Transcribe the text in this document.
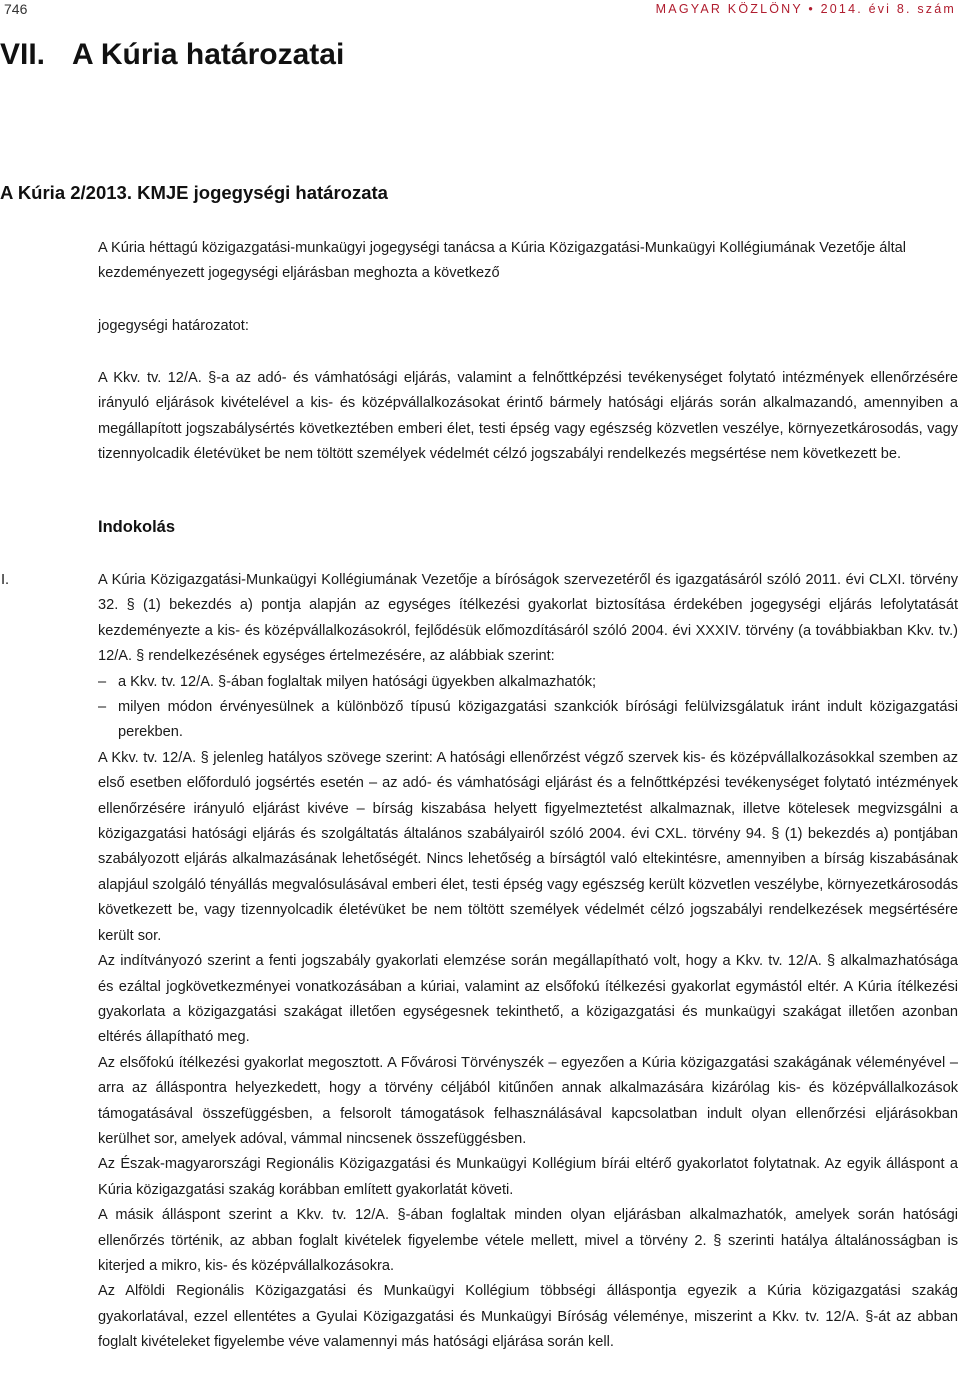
746	MAGYAR KÖZLÖNY • 2014. évi 8. szám
VII. A Kúria határozatai
A Kúria 2/2013. KMJE jogegységi határozata

A Kúria héttagú közigazgatási-munkaügyi jogegységi tanácsa a Kúria Közigazgatási-Munkaügyi Kollégiumának Vezetője által kezdeményezett jogegységi eljárásban meghozta a következő

jogegységi határozatot:

A Kkv. tv. 12/A. §-a az adó- és vámhatósági eljárás, valamint a felnőttképzési tevékenységet folytató intézmények ellenőrzésére irányuló eljárások kivételével a kis- és középvállalkozásokat érintő bármely hatósági eljárás során alkalmazandó, amennyiben a megállapított jogszabálysértés következtében emberi élet, testi épség vagy egészség közvetlen veszélye, környezetkárosodás, vagy tizennyolcadik életévüket be nem töltött személyek védelmét célzó jogszabályi rendelkezés megsértése nem következett be.

Indokolás
I.	A Kúria Közigazgatási-Munkaügyi Kollégiumának Vezetője a bíróságok szervezetéről és igazgatásáról szóló 2011. évi CLXI. törvény 32. § (1) bekezdés a) pontja alapján az egységes ítélkezési gyakorlat biztosítása érdekében jogegységi eljárás lefolytatását kezdeményezte a kis- és középvállalkozásokról, fejlődésük előmozdításáról szóló 2004. évi XXXIV. törvény (a továbbiakban Kkv. tv.) 12/A. § rendelkezésének egységes értelmezésére, az alábbiak szerint:

– a Kkv. tv. 12/A. §-ában foglaltak milyen hatósági ügyekben alkalmazhatók;
– milyen módon érvényesülnek a különböző típusú közigazgatási szankciók bírósági felülvizsgálatuk iránt indult közigazgatási perekben.

A Kkv. tv. 12/A. § jelenleg hatályos szövege szerint: A hatósági ellenőrzést végző szervek kis- és középvállalkozásokkal szemben az első esetben előforduló jogsértés esetén – az adó- és vámhatósági eljárást és a felnőttképzési tevékenységet folytató intézmények ellenőrzésére irányuló eljárást kivéve – bírság kiszabása helyett figyelmeztetést alkalmaznak, illetve kötelesek megvizsgálni a közigazgatási hatósági eljárás és szolgáltatás általános szabályairól szóló 2004. évi CXL. törvény 94. § (1) bekezdés a) pontjában szabályozott eljárás alkalmazásának lehetőségét. Nincs lehetőség a bírságtól való eltekintésre, amennyiben a bírság kiszabásának alapjául szolgáló tényállás megvalósulásával emberi élet, testi épség vagy egészség került közvetlen veszélybe, környezetkárosodás következett be, vagy tizennyolcadik életévüket be nem töltött személyek védelmét célzó jogszabályi rendelkezések megsértésére került sor.

Az indítványozó szerint a fenti jogszabály gyakorlati elemzése során megállapítható volt, hogy a Kkv. tv. 12/A. § alkalmazhatósága és ezáltal jogkövetkezményei vonatkozásában a kúriai, valamint az elsőfokú ítélkezési gyakorlat egymástól eltér. A Kúria ítélkezési gyakorlata a közigazgatási szakágat illetően egységesnek tekinthető, a közigazgatási és munkaügyi szakágat illetően azonban eltérés állapítható meg.

Az elsőfokú ítélkezési gyakorlat megosztott. A Fővárosi Törvényszék – egyezően a Kúria közigazgatási szakágának véleményével – arra az álláspontra helyezkedett, hogy a törvény céljából kitűnően annak alkalmazására kizárólag kis- és középvállalkozások támogatásával összefüggésben, a felsorolt támogatások felhasználásával kapcsolatban indult olyan ellenőrzési eljárásokban kerülhet sor, amelyek adóval, vámmal nincsenek összefüggésben.

Az Észak-magyarországi Regionális Közigazgatási és Munkaügyi Kollégium bírái eltérő gyakorlatot folytatnak. Az egyik álláspont a Kúria közigazgatási szakág korábban említett gyakorlatát követi.

A másik álláspont szerint a Kkv. tv. 12/A. §-ában foglaltak minden olyan eljárásban alkalmazhatók, amelyek során hatósági ellenőrzés történik, az abban foglalt kivételek figyelembe vétele mellett, mivel a törvény 2. § szerinti hatálya általánosságban is kiterjed a mikro, kis- és középvállalkozásokra.

Az Alföldi Regionális Közigazgatási és Munkaügyi Kollégium többségi álláspontja egyezik a Kúria közigazgatási szakág gyakorlatával, ezzel ellentétes a Gyulai Közigazgatási és Munkaügyi Bíróság véleménye, miszerint a Kkv. tv. 12/A. §-át az abban foglalt kivételeket figyelembe véve valamennyi más hatósági eljárása során kell.
